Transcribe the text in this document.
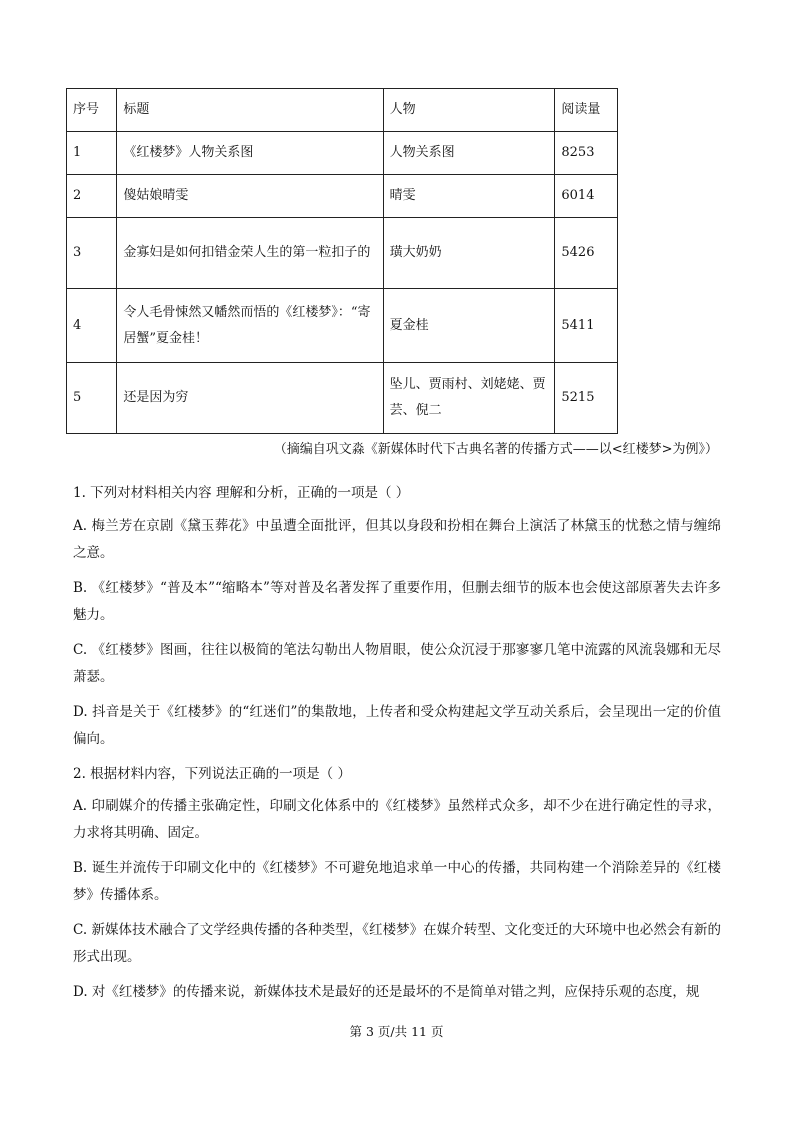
序号	标题	人物	阅读量
1	《红楼梦》人物关系图	人物关系图	8253
2	傻姑娘晴雯	晴雯	6014
3	金寡妇是如何扣错金荣人生的第一粒扣子的	璜大奶奶	5426
4	令人毛骨悚然又幡然而悟的《红楼梦》：“寄居蟹”夏金桂！	夏金桂	5411
5	还是因为穷	坠儿、贾雨村、刘姥姥、贾芸、倪二	5215
（摘编自巩文淼《新媒体时代下古典名著的传播方式——以<红楼梦>为例》）
1. 下列对材料相关内容 理解和分析，正确的一项是（ ）
A. 梅兰芳在京剧《黛玉葬花》中虽遭全面批评，但其以身段和扮相在舞台上演活了林黛玉的忧愁之情与缠绵之意。
B. 《红楼梦》“普及本”“缩略本”等对普及名著发挥了重要作用，但删去细节的版本也会使这部原著失去许多魅力。
C. 《红楼梦》图画，往往以极简的笔法勾勒出人物眉眼，使公众沉浸于那寥寥几笔中流露的风流袅娜和无尽萧瑟。
D. 抖音是关于《红楼梦》的“红迷们”的集散地，上传者和受众构建起文学互动关系后，会呈现出一定的价值偏向。
2. 根据材料内容，下列说法正确的一项是（ ）
A. 印刷媒介的传播主张确定性，印刷文化体系中的《红楼梦》虽然样式众多，却不少在进行确定性的寻求，力求将其明确、固定。
B. 诞生并流传于印刷文化中的《红楼梦》不可避免地追求单一中心的传播，共同构建一个消除差异的《红楼梦》传播体系。
C. 新媒体技术融合了文学经典传播的各种类型，《红楼梦》在媒介转型、文化变迁的大环境中也必然会有新的形式出现。
D. 对《红楼梦》的传播来说，新媒体技术是最好的还是最坏的不是简单对错之判，应保持乐观的态度，规
第 3 页/共 11 页
